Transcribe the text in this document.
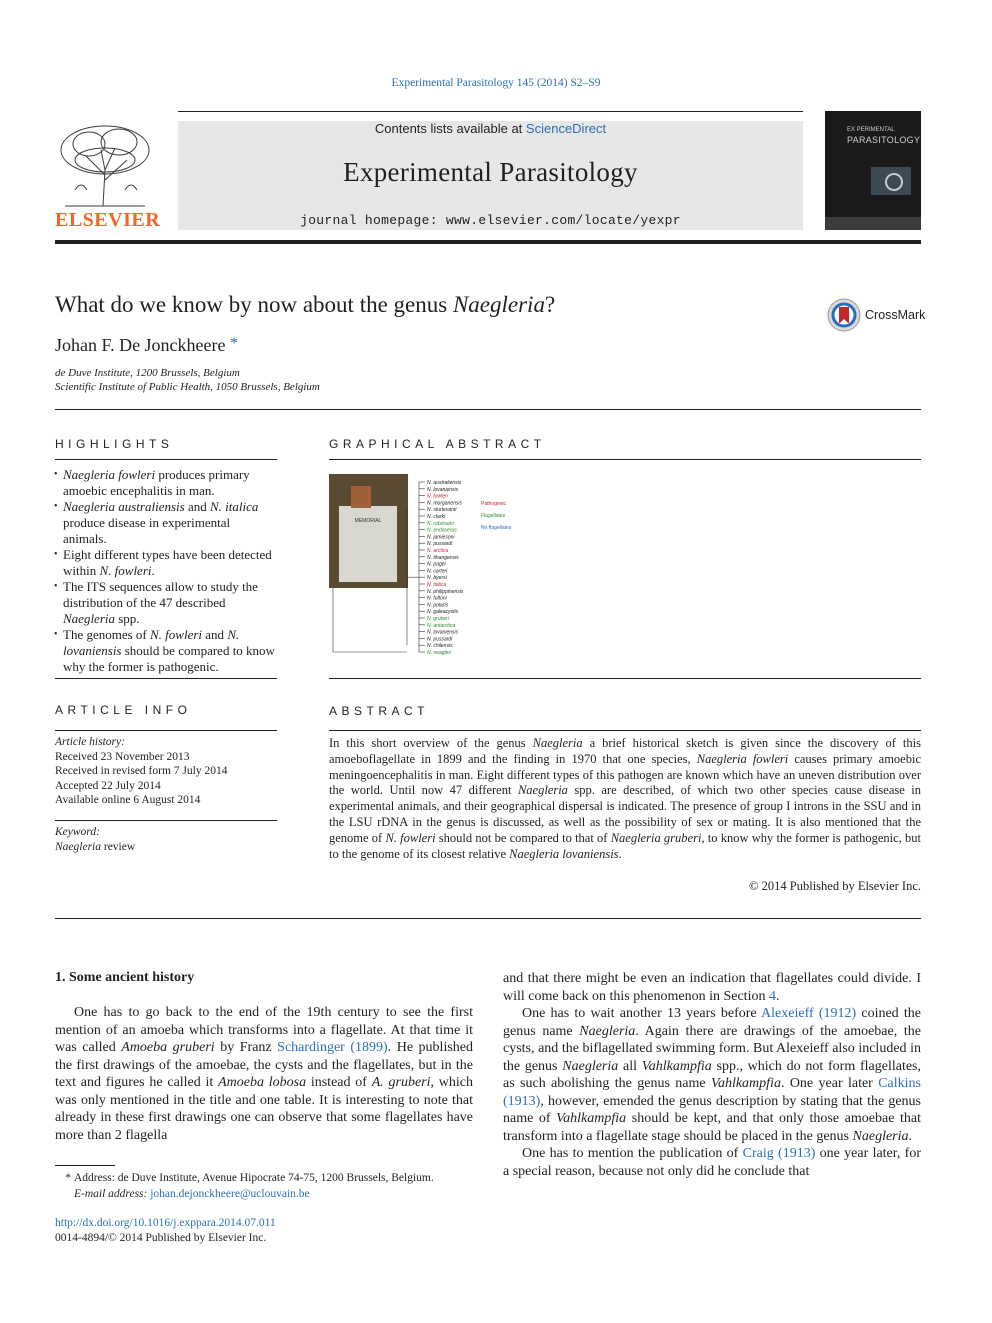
Experimental Parasitology 145 (2014) S2–S9
ELSEVIER
Contents lists available at ScienceDirect
Experimental Parasitology
journal homepage: www.elsevier.com/locate/yexpr
EX PERIMENTAL
PARASITOLOGY
What do we know by now about the genus Naegleria?	CrossMark
Johan F. De Jonckheere *
de Duve Institute, 1200 Brussels, Belgium
Scientific Institute of Public Health, 1050 Brussels, Belgium
HIGHLIGHTS
• Naegleria fowleri produces primary amoebic encephalitis in man.
• Naegleria australiensis and N. italica produce disease in experimental animals.
• Eight different types have been detected within N. fowleri.
• The ITS sequences allow to study the distribution of the 47 described Naegleria spp.
• The genomes of N. fowleri and N. lovaniensis should be compared to know why the former is pathogenic.
GRAPHICAL ABSTRACT
MEMORIAL
N. australiensis
N. lovaniensis
N. fowleri
N. morganensis
N. sturtevanti
N. clarki
N. robinsoni
N. endoserus
N. jamiesoni
N. pussardi
N. arctica
N. tihangensis
N. pagei
N. carteri
N. byersi
N. italica
N. philippinensis
N. fultoni
N. polaris
N. galeacystis
N. gruberi
N. antarctica
N. lovaniensis
N. pussardi
N. chilensis
N. neagleri
Pathogenic
Flagellates
No flagellates
ARTICLE INFO
Article history:
Received 23 November 2013
Received in revised form 7 July 2014
Accepted 22 July 2014
Available online 6 August 2014
Keyword:
Naegleria review
ABSTRACT
In this short overview of the genus Naegleria a brief historical sketch is given since the discovery of this amoeboflagellate in 1899 and the finding in 1970 that one species, Naegleria fowleri causes primary amoebic meningoencephalitis in man. Eight different types of this pathogen are known which have an uneven distribution over the world. Until now 47 different Naegleria spp. are described, of which two other species cause disease in experimental animals, and their geographical dispersal is indicated. The presence of group I introns in the SSU and in the LSU rDNA in the genus is discussed, as well as the possibility of sex or mating. It is also mentioned that the genome of N. fowleri should not be compared to that of Naegleria gruberi, to know why the former is pathogenic, but to the genome of its closest relative Naegleria lovaniensis.
© 2014 Published by Elsevier Inc.
1. Some ancient history

One has to go back to the end of the 19th century to see the first mention of an amoeba which transforms into a flagellate. At that time it was called Amoeba gruberi by Franz Schardinger (1899). He published the first drawings of the amoebae, the cysts and the flagellates, but in the text and figures he called it Amoeba lobosa instead of A. gruberi, which was only mentioned in the title and one table. It is interesting to note that already in these first drawings one can observe that some flagellates have more than 2 flagella

and that there might be even an indication that flagellates could divide. I will come back on this phenomenon in Section 4.

One has to wait another 13 years before Alexeieff (1912) coined the genus name Naegleria. Again there are drawings of the amoebae, the cysts, and the biflagellated swimming form. But Alexeieff also included in the genus Naegleria all Vahlkampfia spp., which do not form flagellates, as such abolishing the genus name Vahlkampfia. One year later Calkins (1913), however, emended the genus description by stating that the genus name of Vahlkampfia should be kept, and that only those amoebae that transform into a flagellate stage should be placed in the genus Naegleria.

One has to mention the publication of Craig (1913) one year later, for a special reason, because not only did he conclude that

* Address: de Duve Institute, Avenue Hipocrate 74-75, 1200 Brussels, Belgium.
E-mail address: johan.dejonckheere@uclouvain.be
http://dx.doi.org/10.1016/j.exppara.2014.07.011
0014-4894/© 2014 Published by Elsevier Inc.
